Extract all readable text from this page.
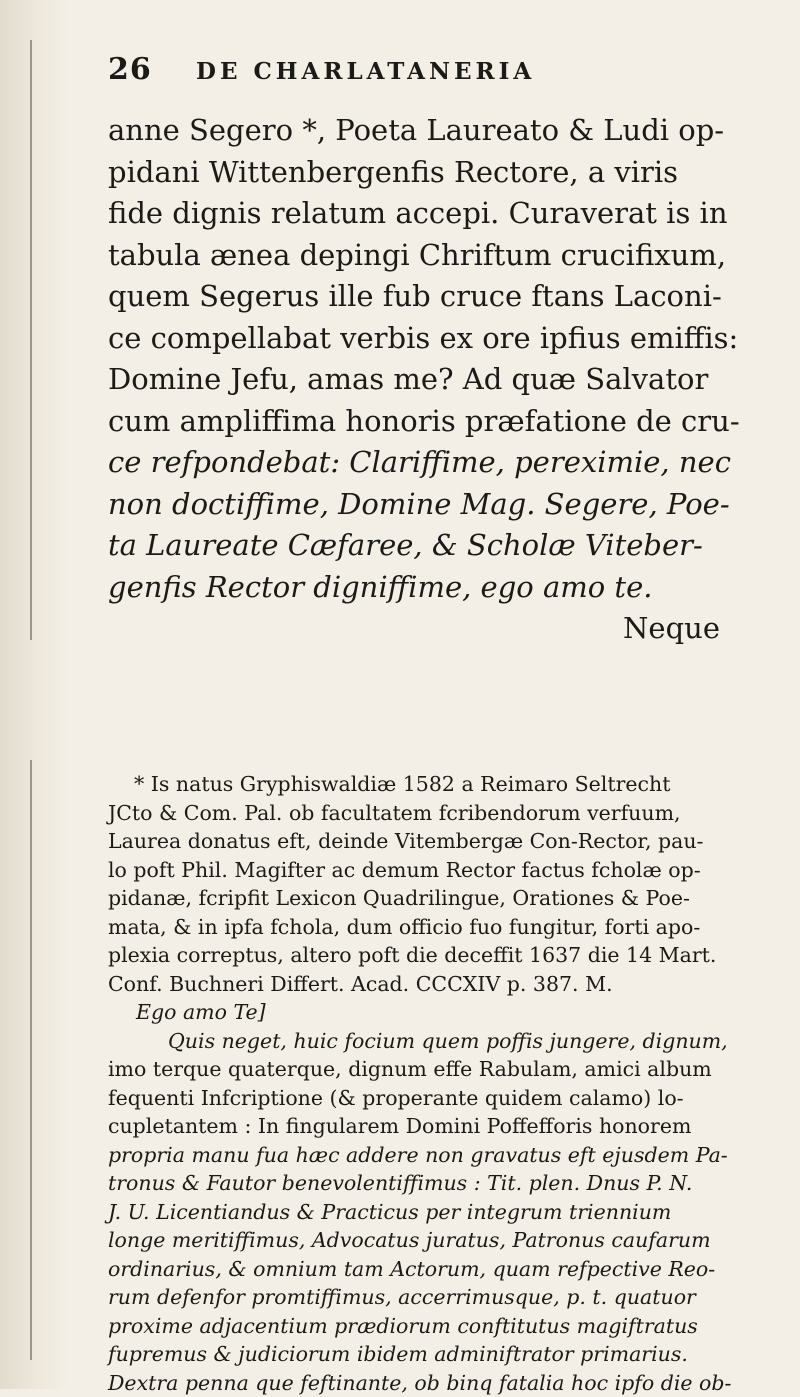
26 DE CHARLATANERIA

anne Segero *, Poeta Laureato & Ludi op-

pidani Wittenbergenfis Rectore, a viris

fide dignis relatum accepi. Curaverat is in

tabula ænea depingi Chriftum crucifixum,

quem Segerus ille fub cruce ftans Laconi-

ce compellabat verbis ex ore ipfius emiffis:

Domine Jefu, amas me? Ad quæ Salvator

cum ampliffima honoris præfatione de cru-

ce refpondebat: Clariffime, pereximie, nec

non doctiffime, Domine Mag. Segere, Poe-

ta Laureate Cæfaree, & Scholæ Viteber-

genfis Rector digniffime, ego amo te.

Neque

* Is natus Gryphiswaldiæ 1582 a Reimaro Seltrecht

JCto & Com. Pal. ob facultatem fcribendorum verfuum,

Laurea donatus eft, deinde Vitembergæ Con-Rector, pau-

lo poft Phil. Magifter ac demum Rector factus fcholæ op-

pidanæ, fcripfit Lexicon Quadrilingue, Orationes & Poe-

mata, & in ipfa fchola, dum officio fuo fungitur, forti apo-

plexia correptus, altero poft die deceffit 1637 die 14 Mart.

Conf. Buchneri Differt. Acad. CCCXIV p. 387. M.

Ego amo Te]

Quis neget, huic focium quem poffis jungere, dignum,

imo terque quaterque, dignum effe Rabulam, amici album

fequenti Infcriptione (& properante quidem calamo) lo-

cupletantem : In fingularem Domini Poffefforis honorem

propria manu fua hæc addere non gravatus eft ejusdem Pa-

tronus & Fautor benevolentiffimus : Tit. plen. Dnus P. N.

J. U. Licentiandus & Practicus per integrum triennium

longe meritiffimus, Advocatus juratus, Patronus caufarum

ordinarius, & omnium tam Actorum, quam refpective Reo-

rum defenfor promtiffimus, accerrimusque, p. t. quatuor

proxime adjacentium prædiorum conftitutus magiftratus

fupremus & judiciorum ibidem adminiftrator primarius.

Dextra penna que feftinante, ob binq fatalia hoc ipfo die ob-
